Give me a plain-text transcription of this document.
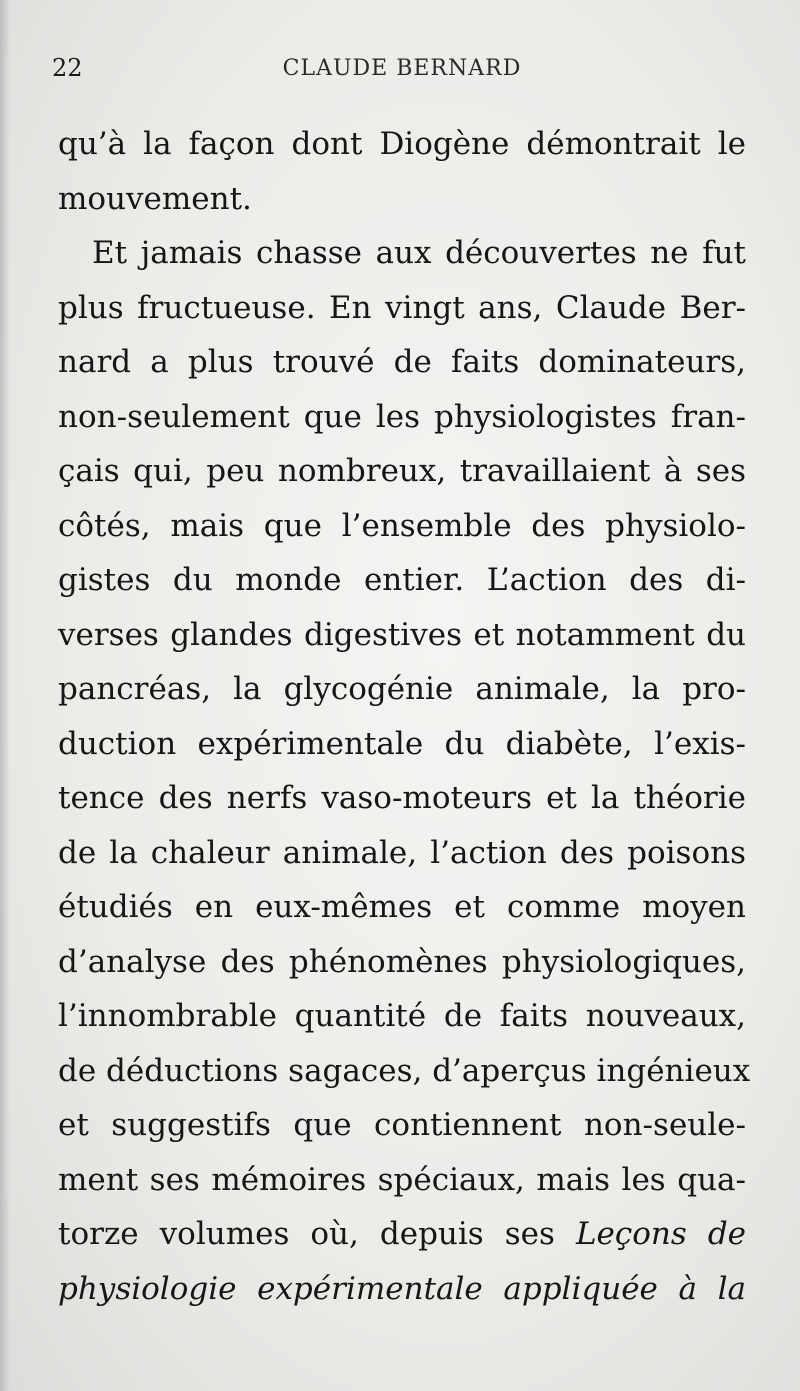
22	CLAUDE BERNARD
qu’à la façon dont Diogène démontrait le
mouvement.
Et jamais chasse aux découvertes ne fut
plus fructueuse. En vingt ans, Claude Ber-
nard a plus trouvé de faits dominateurs,
non-seulement que les physiologistes fran-
çais qui, peu nombreux, travaillaient à ses
côtés, mais que l’ensemble des physiolo-
gistes du monde entier. L’action des di-
verses glandes digestives et notamment du
pancréas, la glycogénie animale, la pro-
duction expérimentale du diabète, l’exis-
tence des nerfs vaso-moteurs et la théorie
de la chaleur animale, l’action des poisons
étudiés en eux-mêmes et comme moyen
d’analyse des phénomènes physiologiques,
l’innombrable quantité de faits nouveaux,
de déductions sagaces, d’aperçus ingénieux
et suggestifs que contiennent non-seule-
ment ses mémoires spéciaux, mais les qua-
torze volumes où, depuis ses Leçons de
physiologie expérimentale appliquée à la
